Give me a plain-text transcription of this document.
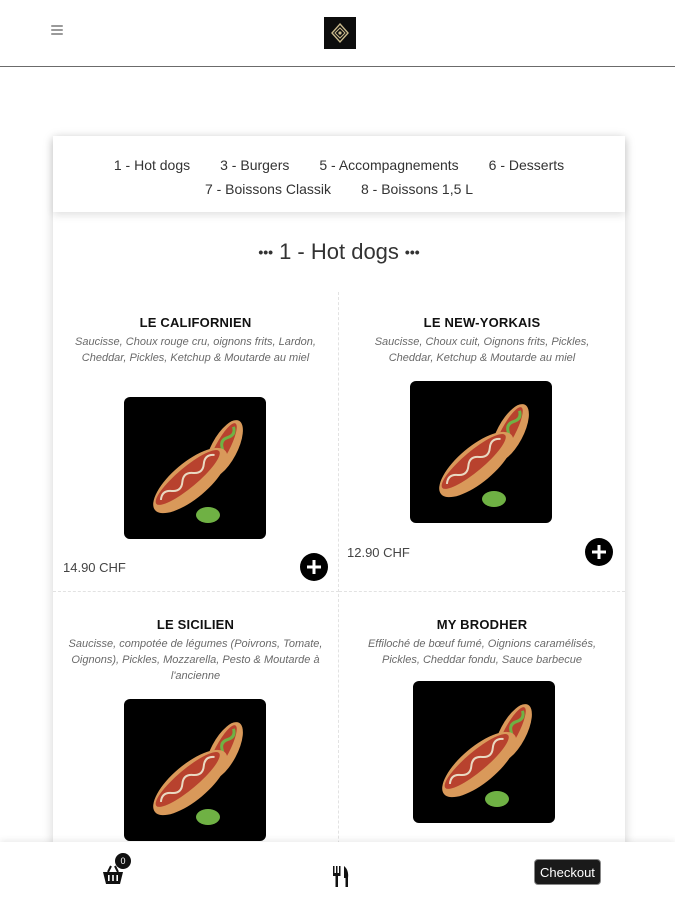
1 - Hot dogs 3 - Burgers 5 - Accompagnements 6 - Desserts
7 - Boissons Classik 8 - Boissons 1,5 L
••• 1 - Hot dogs •••
LE CALIFORNIEN
Saucisse, Choux rouge cru, oignons frits, Lardon, Cheddar, Pickles, Ketchup & Moutarde au miel
14.90 CHF
LE NEW-YORKAIS
Saucisse, Choux cuit, Oignons frits, Pickles, Cheddar, Ketchup & Moutarde au miel
12.90 CHF
LE SICILIEN
Saucisse, compotée de légumes (Poivrons, Tomate, Oignons), Pickles, Mozzarella, Pesto & Moutarde à l'ancienne
MY BRODHER
Effiloché de bœuf fumé, Oignions caramélisés, Pickles, Cheddar fondu, Sauce barbecue
Checkout
0
